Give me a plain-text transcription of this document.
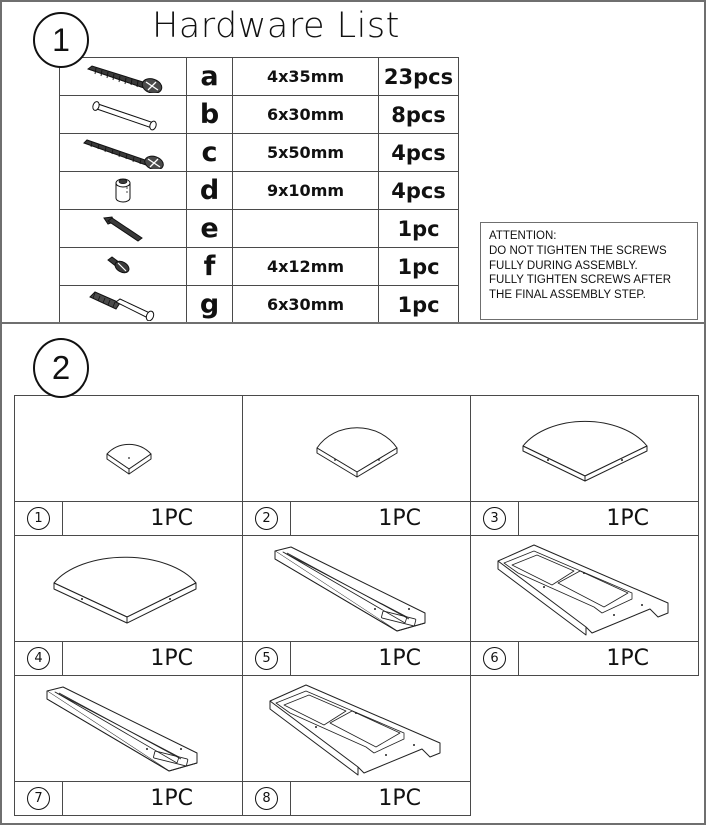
1 Hardware List
	a	4x35mm	23pcs

	b	6x30mm	8pcs

	c	5x50mm	4pcs

	d	9x10mm	4pcs

	e		1pc

	f	4x12mm	1pc

	g	6x30mm	1pc
ATTENTION:
DO NOT TIGHTEN THE SCREWS
FULLY DURING ASSEMBLY.
FULLY TIGHTEN SCREWS AFTER
THE FINAL ASSEMBLY STEP.
2

1	1PC	2	1PC	3	1PC

4	1PC	5	1PC	6	1PC

7	1PC	8	1PC
